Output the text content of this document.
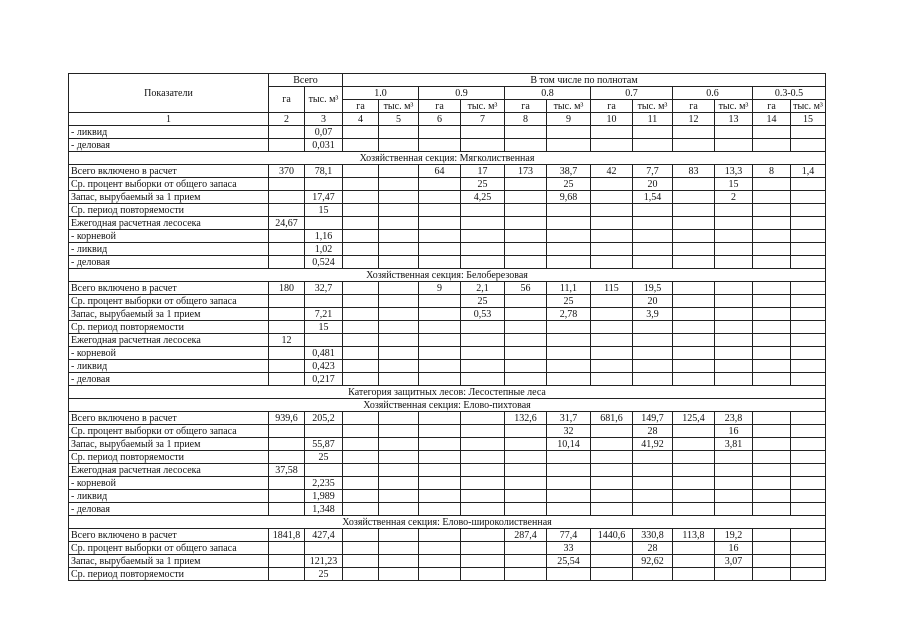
Показатели	Всего		В том числе по полнотам											
	га	тыс. м³	1.0		0.9		0.8		0.7		0.6		0.3-0.5	
			га	тыс. м³	га	тыс. м³	га	тыс. м³	га	тыс. м³	га	тыс. м³	га	тыс. м³
1	2	3	4	5	6	7	8	9	10	11	12	13	14	15
- ликвид		0,07												
- деловая		0,031												
Хозяйственная секция: Мягколиственная														
Всего включено в расчет	370	78,1			64	17	173	38,7	42	7,7	83	13,3	8	1,4
Ср. процент выборки от общего запаса						25		25		20		15		
Запас, вырубаемый за 1 прием		17,47				4,25		9,68		1,54		2		
Ср. период повторяемости		15												
Ежегодная расчетная лесосека	24,67													
- корневой		1,16												
- ликвид		1,02												
- деловая		0,524												
Хозяйственная секция: Белоберезовая														
Всего включено в расчет	180	32,7			9	2,1	56	11,1	115	19,5				
Ср. процент выборки от общего запаса						25		25		20				
Запас, вырубаемый за 1 прием		7,21				0,53		2,78		3,9				
Ср. период повторяемости		15												
Ежегодная расчетная лесосека	12													
- корневой		0,481												
- ликвид		0,423												
- деловая		0,217												
Категория защитных лесов: Лесостепные леса														
Хозяйственная секция: Елово-пихтовая														
Всего включено в расчет	939,6	205,2					132,6	31,7	681,6	149,7	125,4	23,8		
Ср. процент выборки от общего запаса								32		28		16		
Запас, вырубаемый за 1 прием		55,87						10,14		41,92		3,81		
Ср. период повторяемости		25												
Ежегодная расчетная лесосека	37,58													
- корневой		2,235												
- ликвид		1,989												
- деловая		1,348												
Хозяйственная секция: Елово-широколиственная														
Всего включено в расчет	1841,8	427,4					287,4	77,4	1440,6	330,8	113,8	19,2		
Ср. процент выборки от общего запаса								33		28		16		
Запас, вырубаемый за 1 прием		121,23						25,54		92,62		3,07		
Ср. период повторяемости		25												
